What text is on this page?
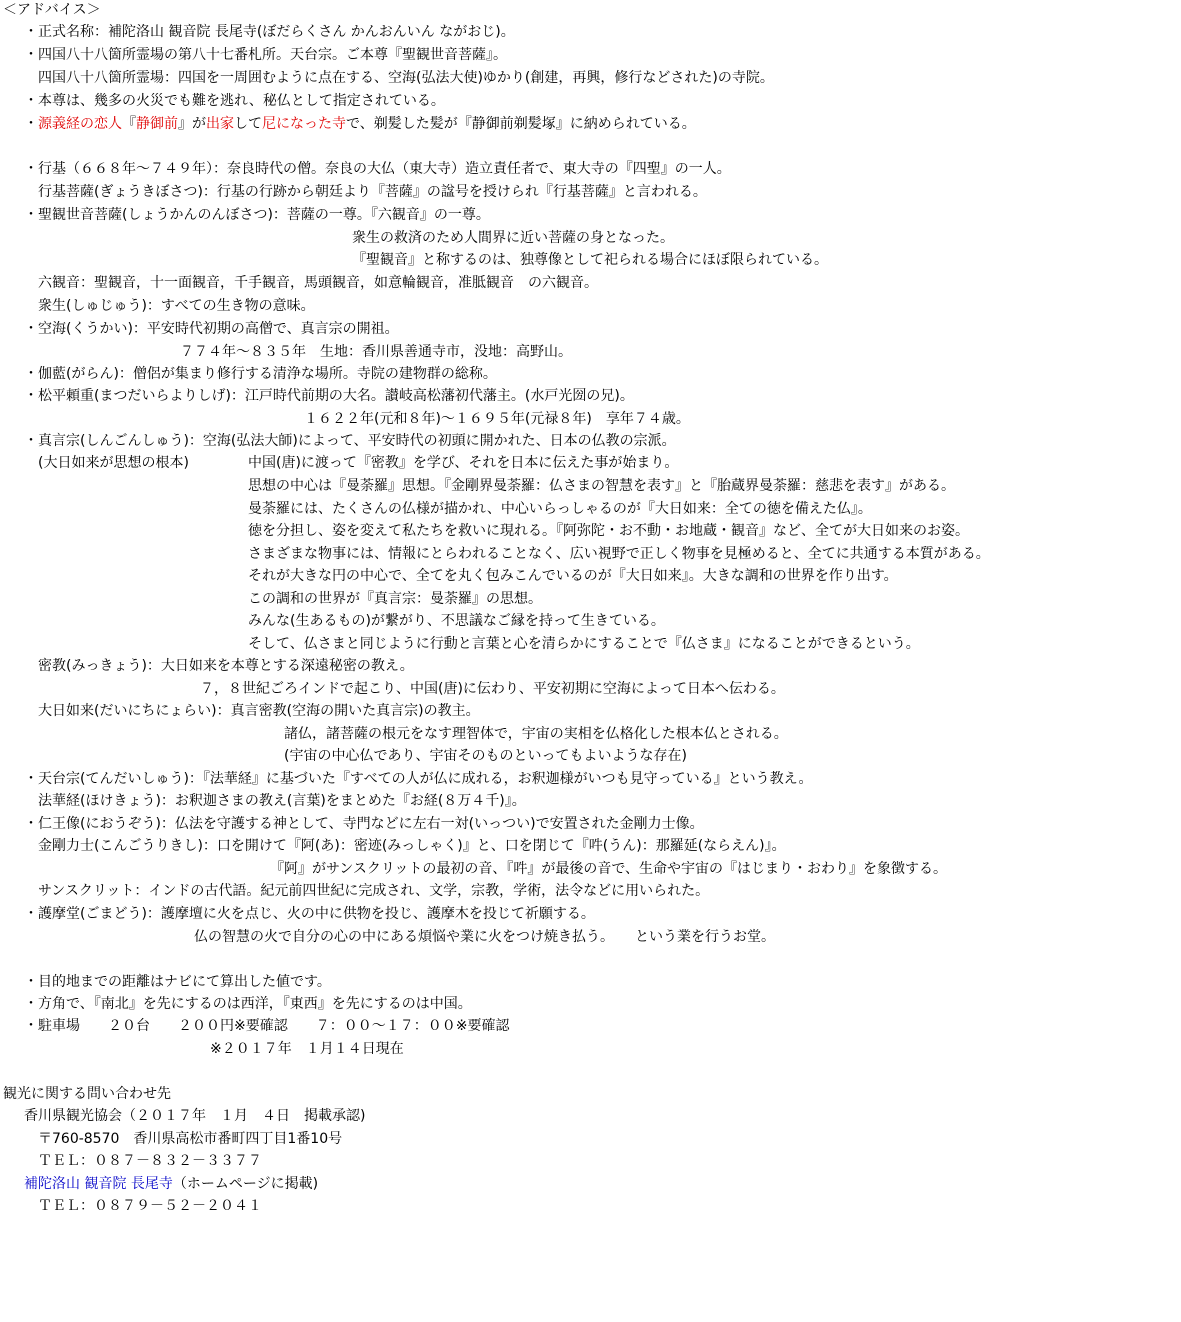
＜アドバイス＞
・正式名称：補陀洛山 観音院 長尾寺(ぼだらくさん かんおんいん ながおじ)。
・四国八十八箇所霊場の第八十七番札所。天台宗。ご本尊『聖観世音菩薩』。
四国八十八箇所霊場：四国を一周囲むように点在する、空海(弘法大使)ゆかり(創建，再興，修行などされた)の寺院。
・本尊は、幾多の火災でも難を逃れ、秘仏として指定されている。
・源義経の恋人『静御前』が出家して尼になった寺で、剃髪した髪が『静御前剃髪塚』に納められている。
・行基（６６８年～７４９年）：奈良時代の僧。奈良の大仏（東大寺）造立責任者で、東大寺の『四聖』の一人。
行基菩薩(ぎょうきぼさつ)：行基の行跡から朝廷より『菩薩』の諡号を授けられ『行基菩薩』と言われる。
・聖観世音菩薩(しょうかんのんぼさつ)：菩薩の一尊。『六観音』の一尊。
衆生の救済のため人間界に近い菩薩の身となった。
『聖観音』と称するのは、独尊像として祀られる場合にほぼ限られている。
六観音：聖観音，十一面観音，千手観音，馬頭観音，如意輪観音，准胝観音　の六観音。
衆生(しゅじゅう)：すべての生き物の意味。
・空海(くうかい)：平安時代初期の高僧で、真言宗の開祖。
７７４年～８３５年　生地：香川県善通寺市，没地：高野山。
・伽藍(がらん)：僧侶が集まり修行する清浄な場所。寺院の建物群の総称。
・松平頼重(まつだいらよりしげ)：江戸時代前期の大名。讃岐高松藩初代藩主。(水戸光圀の兄)。
１６２２年(元和８年)～１６９５年(元禄８年)　享年７４歳。
・真言宗(しんごんしゅう)：空海(弘法大師)によって、平安時代の初頭に開かれた、日本の仏教の宗派。
(大日如来が思想の根本)	中国(唐)に渡って『密教』を学び、それを日本に伝えた事が始まり。
思想の中心は『曼荼羅』思想。『金剛界曼荼羅：仏さまの智慧を表す』と『胎蔵界曼荼羅：慈悲を表す』がある。
曼荼羅には、たくさんの仏様が描かれ、中心いらっしゃるのが『大日如来：全ての徳を備えた仏』。
徳を分担し、姿を変えて私たちを救いに現れる。『阿弥陀・お不動・お地蔵・観音』など、全てが大日如来のお姿。
さまざまな物事には、情報にとらわれることなく、広い視野で正しく物事を見極めると、全てに共通する本質がある。
それが大きな円の中心で、全てを丸く包みこんでいるのが『大日如来』。大きな調和の世界を作り出す。
この調和の世界が『真言宗：曼荼羅』の思想。
みんな(生あるもの)が繋がり、不思議なご縁を持って生きている。
そして、仏さまと同じように行動と言葉と心を清らかにすることで『仏さま』になることができるという。
密教(みっきょう)：大日如来を本尊とする深遠秘密の教え。
７，８世紀ごろインドで起こり、中国(唐)に伝わり、平安初期に空海によって日本へ伝わる。
大日如来(だいにちにょらい)：真言密教(空海の開いた真言宗)の教主。
諸仏，諸菩薩の根元をなす理智体で，宇宙の実相を仏格化した根本仏とされる。
(宇宙の中心仏であり、宇宙そのものといってもよいような存在)
・天台宗(てんだいしゅう)：『法華経』に基づいた『すべての人が仏に成れる，お釈迦様がいつも見守っている』という教え。
法華経(ほけきょう)：お釈迦さまの教え(言葉)をまとめた『お経(８万４千)』。
・仁王像(におうぞう)：仏法を守護する神として、寺門などに左右一対(いっつい)で安置された金剛力士像。
金剛力士(こんごうりきし)：口を開けて『阿(あ)：密迹(みっしゃく)』と、口を閉じて『吽(うん)：那羅延(ならえん)』。
『阿』がサンスクリットの最初の音、『吽』が最後の音で、生命や宇宙の『はじまり・おわり』を象徴する。
サンスクリット：インドの古代語。紀元前四世紀に完成され、文学，宗教，学術，法令などに用いられた。
・護摩堂(ごまどう)：護摩壇に火を点じ、火の中に供物を投じ、護摩木を投じて祈願する。
仏の智慧の火で自分の心の中にある煩悩や業に火をつけ焼き払う。　　という業を行うお堂。
・目的地までの距離はナビにて算出した値です。
・方角で、『南北』を先にするのは西洋，『東西』を先にするのは中国。
・駐車場　　２０台　　２００円※要確認　　７：００～１７：００※要確認
※２０１７年　１月１４日現在
観光に関する問い合わせ先
香川県観光協会（２０１７年　１月　４日　掲載承認)
〒760-8570　香川県高松市番町四丁目1番10号
ＴＥＬ：０８７－８３２－３３７７
補陀洛山 観音院 長尾寺（ホームページに掲載)
ＴＥＬ：０８７９－５２－２０４１
